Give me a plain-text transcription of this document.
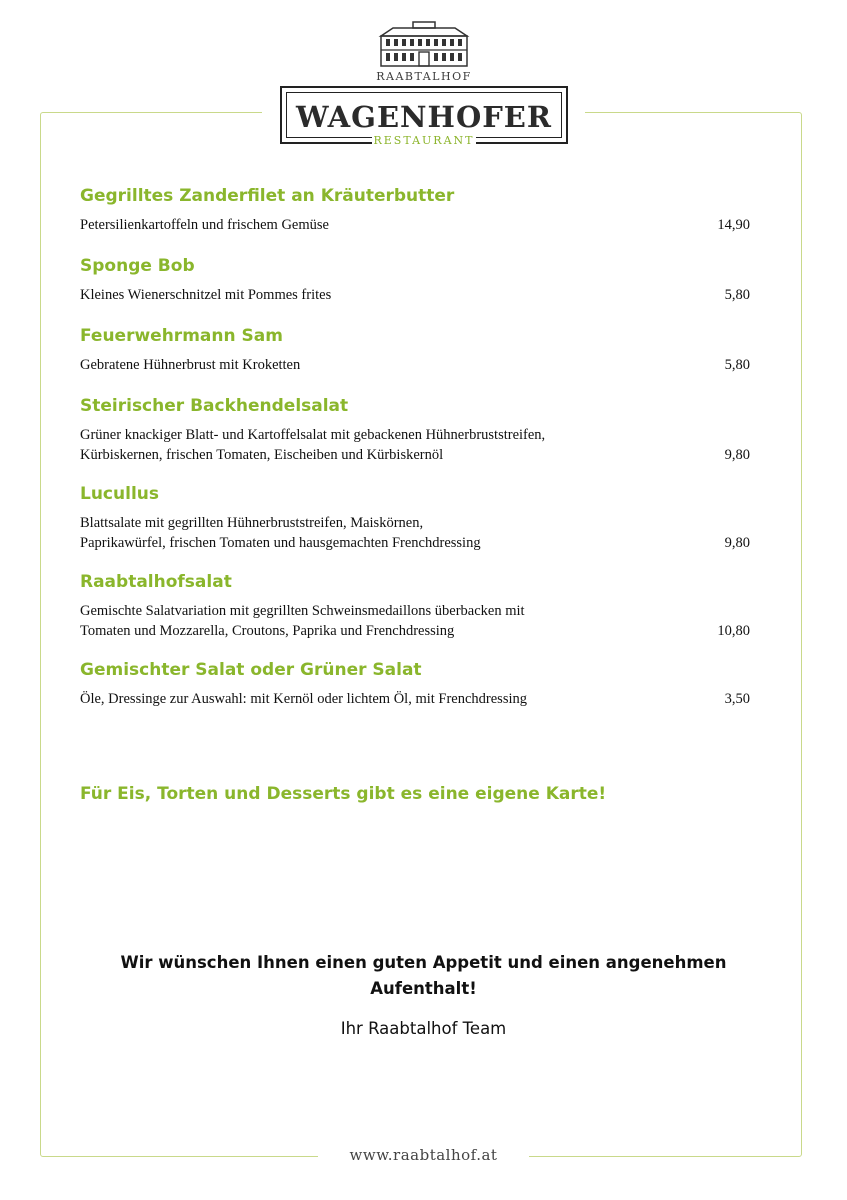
RAABTALHOF
WAGENHOFER
RESTAURANT
Gegrilltes Zanderfilet an Kräuterbutter
Petersilienkartoffeln und frischem Gemüse	14,90
Sponge Bob
Kleines Wienerschnitzel mit Pommes frites	5,80
Feuerwehrmann Sam
Gebratene Hühnerbrust mit Kroketten	5,80
Steirischer Backhendelsalat
Grüner knackiger Blatt- und Kartoffelsalat mit gebackenen Hühnerbruststreifen,
Kürbiskernen, frischen Tomaten, Eischeiben und Kürbiskernöl	9,80
Lucullus
Blattsalate mit gegrillten Hühnerbruststreifen, Maiskörnen,
Paprikawürfel, frischen Tomaten und hausgemachten Frenchdressing	9,80
Raabtalhofsalat
Gemischte Salatvariation mit gegrillten Schweinsmedaillons überbacken mit
Tomaten und Mozzarella, Croutons, Paprika und Frenchdressing	10,80
Gemischter Salat oder Grüner Salat
Öle, Dressinge zur Auswahl: mit Kernöl oder lichtem Öl, mit Frenchdressing	3,50
Für Eis, Torten und Desserts gibt es eine eigene Karte!
Wir wünschen Ihnen einen guten Appetit und einen angenehmen
Aufenthalt!
Ihr Raabtalhof Team
www.raabtalhof.at
